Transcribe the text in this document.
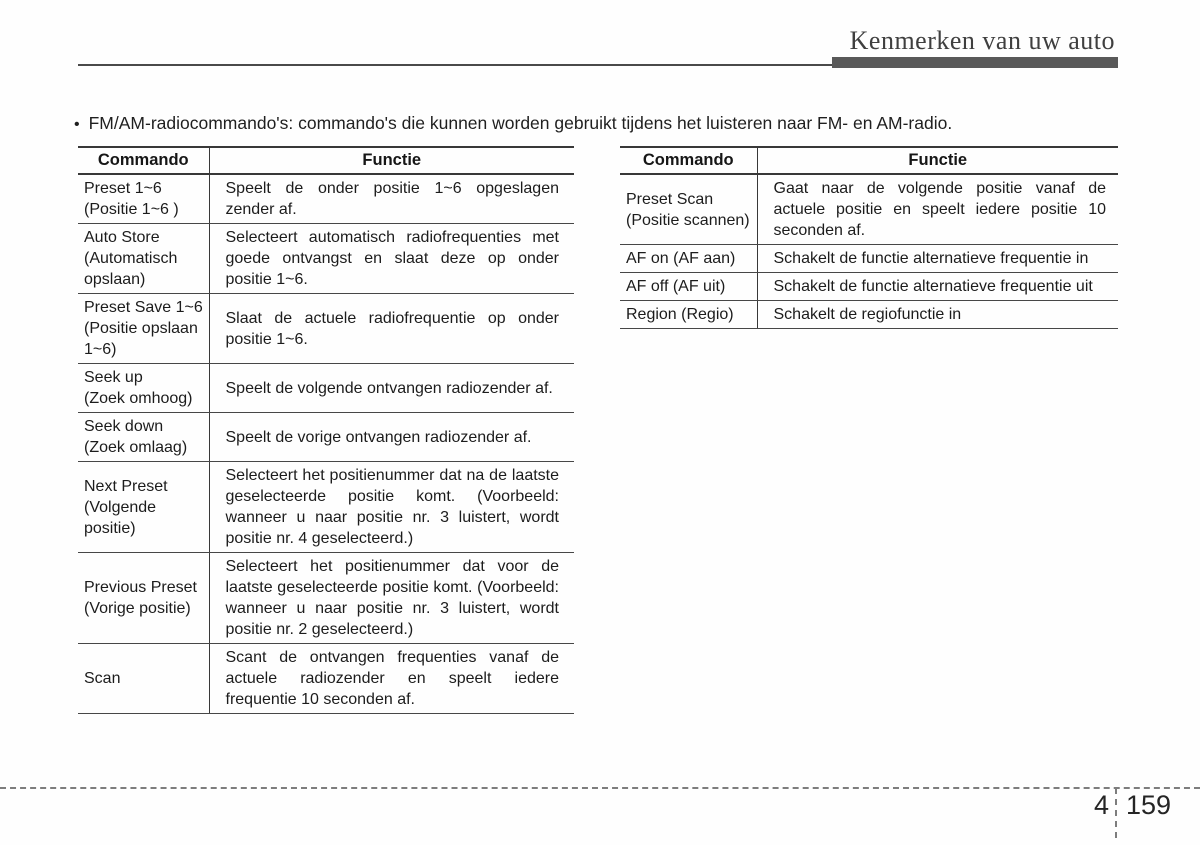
Kenmerken van uw auto
• FM/AM-radiocommando's: commando's die kunnen worden gebruikt tijdens het luisteren naar FM- en AM-radio.
Commando	Functie
Preset 1~6
(Positie 1~6 )	Speelt de onder positie 1~6 opgeslagen zender af.
Auto Store
(Automatisch opslaan)	Selecteert automatisch radiofrequenties met goede ontvangst en slaat deze op onder positie 1~6.
Preset Save 1~6
(Positie opslaan 1~6)	Slaat de actuele radiofrequentie op onder positie 1~6.
Seek up
(Zoek omhoog)	Speelt de volgende ontvangen radiozender af.
Seek down
(Zoek omlaag)	Speelt de vorige ontvangen radiozender af.
Next Preset
(Volgende positie)	Selecteert het positienummer dat na de laatste geselecteerde positie komt. (Voorbeeld: wanneer u naar positie nr. 3 luistert, wordt positie nr. 4 geselecteerd.)
Previous Preset
(Vorige positie)	Selecteert het positienummer dat voor de laatste geselecteerde positie komt. (Voorbeeld: wanneer u naar positie nr. 3 luistert, wordt positie nr. 2 geselecteerd.)
Scan	Scant de ontvangen frequenties vanaf de actuele radiozender en speelt iedere frequentie 10 seconden af.
Commando	Functie
Preset Scan
(Positie scannen)	Gaat naar de volgende positie vanaf de actuele positie en speelt iedere positie 10 seconden af.
AF on (AF aan)	Schakelt de functie alternatieve frequentie in
AF off (AF uit)	Schakelt de functie alternatieve frequentie uit
Region (Regio)	Schakelt de regiofunctie in
4 159
